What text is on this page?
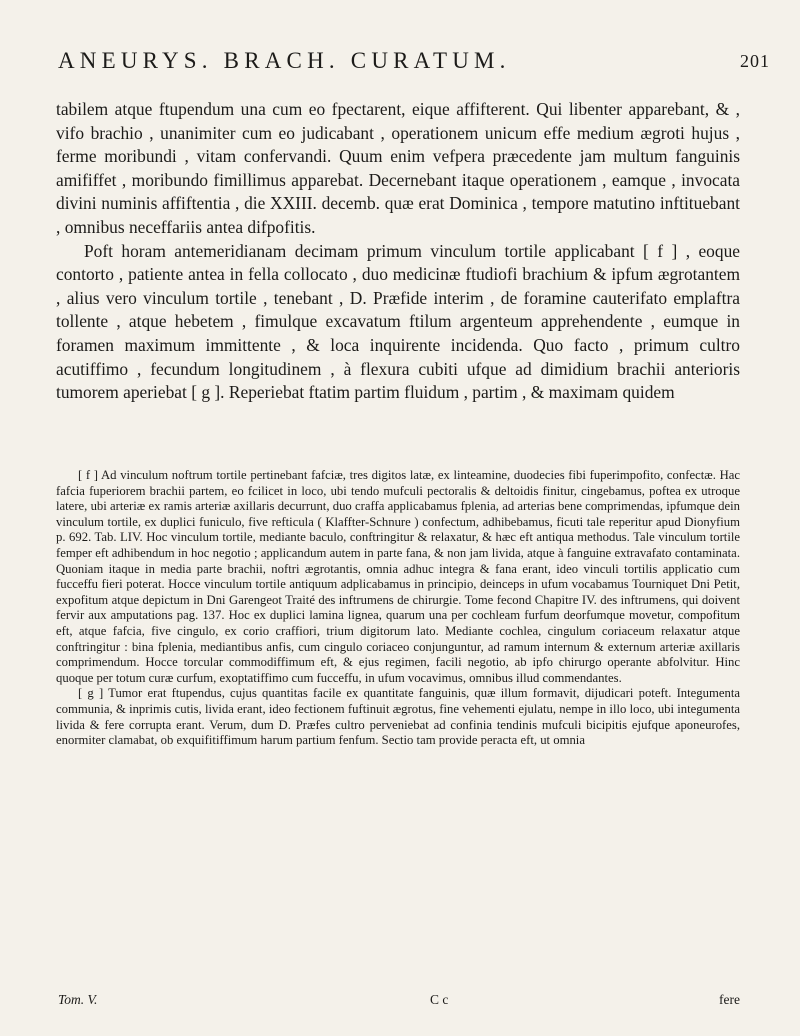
ANEURYS. BRACH. CURATUM.	201

tabilem atque ftupendum una cum eo fpectarent, eique affifterent. Qui libenter apparebant, & , vifo brachio , unanimiter cum eo judicabant , operationem unicum effe medium ægroti hujus , ferme moribundi , vitam confervandi. Quum enim vefpera præcedente jam multum fanguinis amififfet , moribundo fimillimus apparebat. Decernebant itaque operationem , eamque , invocata divini numinis affiftentia , die XXIII. decemb. quæ erat Dominica , tempore matutino inftituebant , omnibus neceffariis antea difpofitis.

Poft horam antemeridianam decimam primum vinculum tortile applicabant [ f ] , eoque contorto , patiente antea in fella collocato , duo medicinæ ftudiofi brachium & ipfum ægrotantem , alius vero vinculum tortile , tenebant , D. Præfide interim , de foramine cauterifato emplaftra tollente , atque hebetem , fimulque excavatum ftilum argenteum apprehendente , eumque in foramen maximum immittente , & loca inquirente incidenda. Quo facto , primum cultro acutiffimo , fecundum longitudinem , à flexura cubiti ufque ad dimidium brachii anterioris tumorem aperiebat [ g ]. Reperiebat ftatim partim fluidum , partim , & maximam quidem

[ f ] Ad vinculum noftrum tortile pertinebant fafciæ, tres digitos latæ, ex linteamine, duodecies fibi fuperimpofito, confectæ. Hac fafcia fuperiorem brachii partem, eo fcilicet in loco, ubi tendo mufculi pectoralis & deltoidis finitur, cingebamus, poftea ex utroque latere, ubi arteriæ ex ramis arteriæ axillaris decurrunt, duo craffa applicabamus fplenia, ad arterias bene comprimendas, ipfumque dein vinculum tortile, ex duplici funiculo, five refticula ( Klaffter-Schnure ) confectum, adhibebamus, ficuti tale reperitur apud Dionyfium p. 692. Tab. LIV. Hoc vinculum tortile, mediante baculo, conftringitur & relaxatur, & hæc eft antiqua methodus. Tale vinculum tortile femper eft adhibendum in hoc negotio ; applicandum autem in parte fana, & non jam livida, atque à fanguine extravafato contaminata. Quoniam itaque in media parte brachii, noftri ægrotantis, omnia adhuc integra & fana erant, ideo vinculi tortilis applicatio cum fucceffu fieri poterat. Hocce vinculum tortile antiquum adplicabamus in principio, deinceps in ufum vocabamus Tourniquet Dni Petit, expofitum atque depictum in Dni Garengeot Traité des inftrumens de chirurgie. Tome fecond Chapitre IV. des inftrumens, qui doivent fervir aux amputations pag. 137. Hoc ex duplici lamina lignea, quarum una per cochleam furfum deorfumque movetur, compofitum eft, atque fafcia, five cingulo, ex corio craffiori, trium digitorum lato. Mediante cochlea, cingulum coriaceum relaxatur atque conftringitur : bina fplenia, mediantibus anfis, cum cingulo coriaceo conjunguntur, ad ramum internum & externum arteriæ axillaris comprimendum. Hocce torcular commodiffimum eft, & ejus regimen, facili negotio, ab ipfo chirurgo operante abfolvitur. Hinc quoque per totum curæ curfum, exoptatiffimo cum fucceffu, in ufum vocavimus, omnibus illud commendantes.

[ g ] Tumor erat ftupendus, cujus quantitas facile ex quantitate fanguinis, quæ illum formavit, dijudicari poteft. Integumenta communia, & inprimis cutis, livida erant, ideo fectionem fuftinuit ægrotus, fine vehementi ejulatu, nempe in illo loco, ubi integumenta livida & fere corrupta erant. Verum, dum D. Præfes cultro perveniebat ad confinia tendinis mufculi bicipitis ejufque aponeurofes, enormiter clamabat, ob exquifitiffimum harum partium fenfum. Sectio tam provide peracta eft, ut omnia

Tom. V.	C c	fere
